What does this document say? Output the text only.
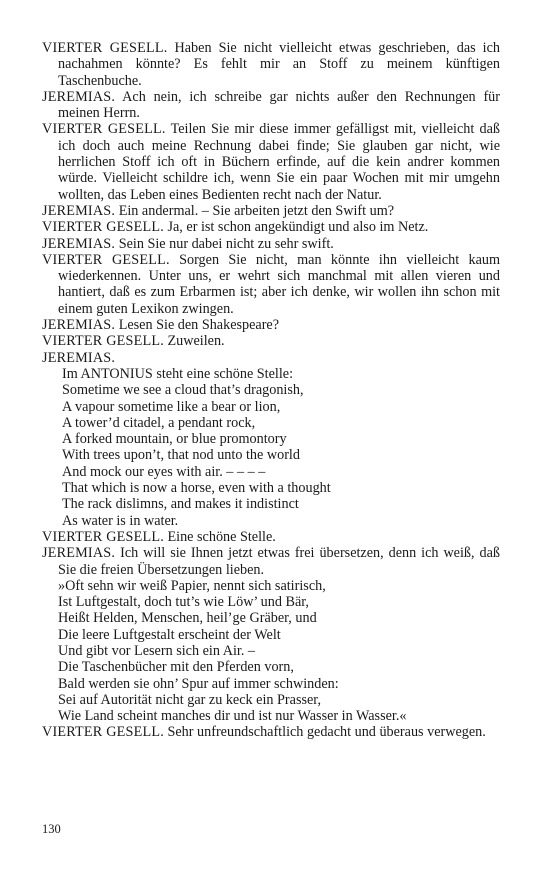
VIERTER GESELL. Haben Sie nicht vielleicht etwas geschrieben, das ich nachahmen könnte? Es fehlt mir an Stoff zu meinem künftigen Taschenbuche.
JEREMIAS. Ach nein, ich schreibe gar nichts außer den Rechnungen für meinen Herrn.
VIERTER GESELL. Teilen Sie mir diese immer gefälligst mit, vielleicht daß ich doch auch meine Rechnung dabei finde; Sie glauben gar nicht, wie herrlichen Stoff ich oft in Büchern erfinde, auf die kein andrer kommen würde. Vielleicht schildre ich, wenn Sie ein paar Wochen mit mir umgehn wollten, das Leben eines Bedienten recht nach der Natur.
JEREMIAS. Ein andermal. – Sie arbeiten jetzt den Swift um?
VIERTER GESELL. Ja, er ist schon angekündigt und also im Netz.
JEREMIAS. Sein Sie nur dabei nicht zu sehr swift.
VIERTER GESELL. Sorgen Sie nicht, man könnte ihn vielleicht kaum wiederkennen. Unter uns, er wehrt sich manchmal mit allen vieren und hantiert, daß es zum Erbarmen ist; aber ich denke, wir wollen ihn schon mit einem guten Lexikon zwingen.
JEREMIAS. Lesen Sie den Shakespeare?
VIERTER GESELL. Zuweilen.
JEREMIAS.
Im ANTONIUS steht eine schöne Stelle:
Sometime we see a cloud that’s dragonish,
A vapour sometime like a bear or lion,
A tower’d citadel, a pendant rock,
A forked mountain, or blue promontory
With trees upon’t, that nod unto the world
And mock our eyes with air. – – – –
That which is now a horse, even with a thought
The rack dislimns, and makes it indistinct
As water is in water.
VIERTER GESELL. Eine schöne Stelle.
JEREMIAS. Ich will sie Ihnen jetzt etwas frei übersetzen, denn ich weiß, daß Sie die freien Übersetzungen lieben.
»Oft sehn wir weiß Papier, nennt sich satirisch,
Ist Luftgestalt, doch tut’s wie Löw’ und Bär,
Heißt Helden, Menschen, heil’ge Gräber, und
Die leere Luftgestalt erscheint der Welt
Und gibt vor Lesern sich ein Air. –
Die Taschenbücher mit den Pferden vorn,
Bald werden sie ohn’ Spur auf immer schwinden:
Sei auf Autorität nicht gar zu keck ein Prasser,
Wie Land scheint manches dir und ist nur Wasser in Wasser.«
VIERTER GESELL. Sehr unfreundschaftlich gedacht und überaus verwegen.
130
